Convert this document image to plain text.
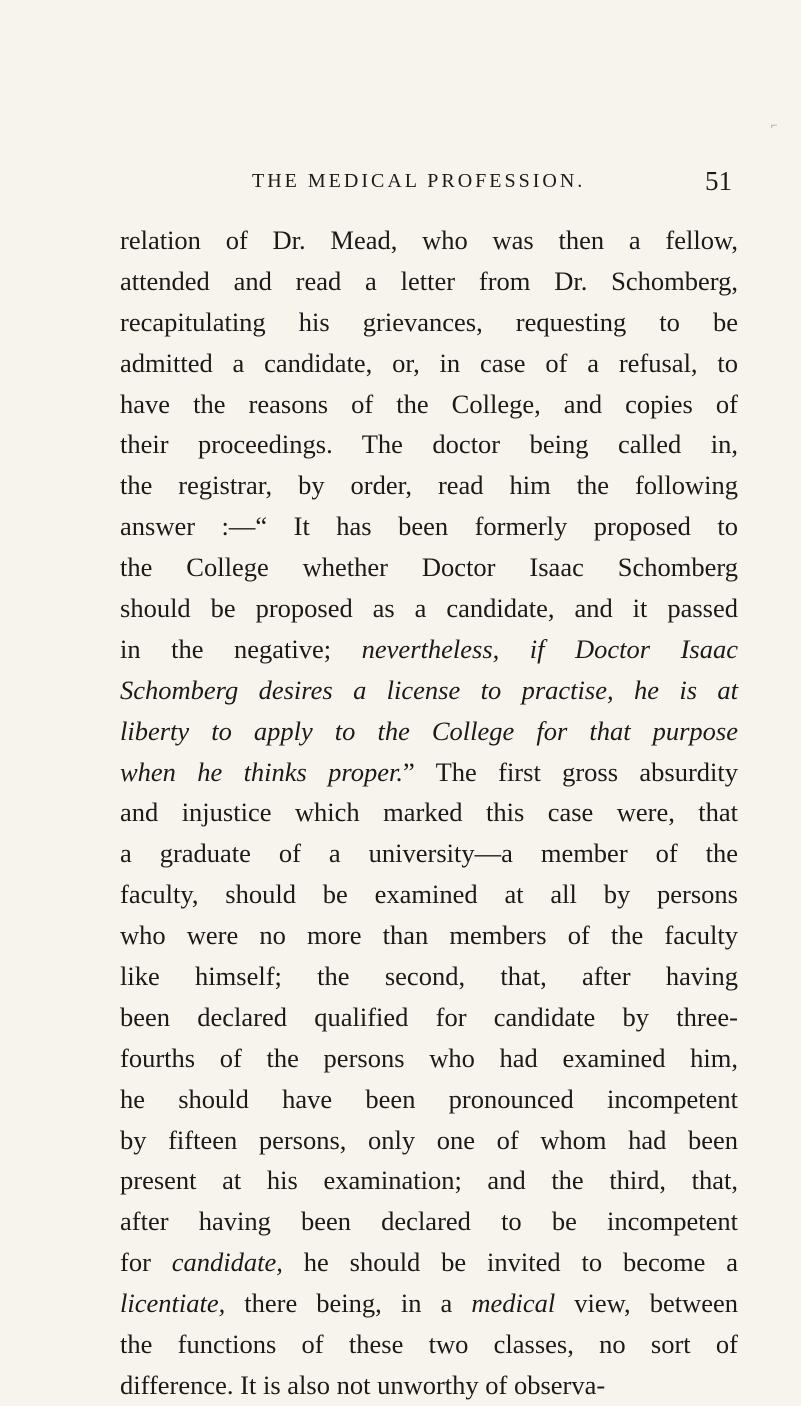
⌐
THE MEDICAL PROFESSION.	51
relation of Dr. Mead, who was then a fellow,
attended and read a letter from Dr. Schomberg,
recapitulating his grievances, requesting to be
admitted a candidate, or, in case of a refusal, to
have the reasons of the College, and copies of
their proceedings. The doctor being called in,
the registrar, by order, read him the following
answer :—“ It has been formerly proposed to
the College whether Doctor Isaac Schomberg
should be proposed as a candidate, and it passed
in the negative; nevertheless, if Doctor Isaac
Schomberg desires a license to practise, he is at
liberty to apply to the College for that purpose
when he thinks proper.” The first gross absurdity
and injustice which marked this case were, that
a graduate of a university—a member of the
faculty, should be examined at all by persons
who were no more than members of the faculty
like himself; the second, that, after having
been declared qualified for candidate by three-
fourths of the persons who had examined him,
he should have been pronounced incompetent
by fifteen persons, only one of whom had been
present at his examination; and the third, that,
after having been declared to be incompetent
for candidate, he should be invited to become a
licentiate, there being, in a medical view, between
the functions of these two classes, no sort of
difference. It is also not unworthy of observa-
